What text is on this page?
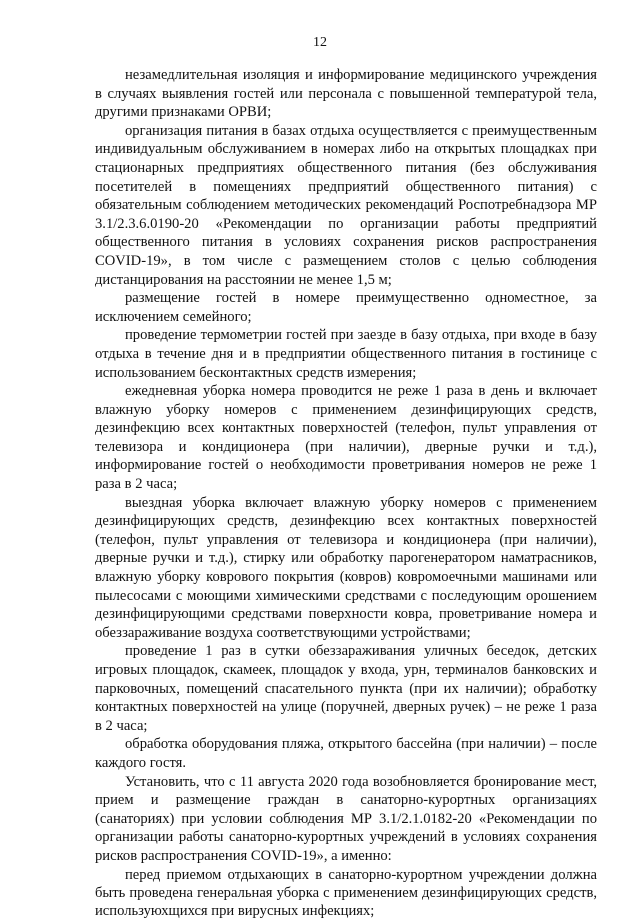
12

незамедлительная изоляция и информирование медицинского учреждения в случаях выявления гостей или персонала с повышенной температурой тела, другими признаками ОРВИ;

организация питания в базах отдыха осуществляется с преимущественным индивидуальным обслуживанием в номерах либо на открытых площадках при стационарных предприятиях общественного питания (без обслуживания посетителей в помещениях предприятий общественного питания) с обязательным соблюдением методических рекомендаций Роспотребнадзора МР 3.1/2.3.6.0190-20 «Рекомендации по организации работы предприятий общественного питания в условиях сохранения рисков распространения COVID-19», в том числе с размещением столов с целью соблюдения дистанцирования на расстоянии не менее 1,5 м;

размещение гостей в номере преимущественно одноместное, за исключением семейного;

проведение термометрии гостей при заезде в базу отдыха, при входе в базу отдыха в течение дня и в предприятии общественного питания в гостинице с использованием бесконтактных средств измерения;

ежедневная уборка номера проводится не реже 1 раза в день и включает влажную уборку номеров с применением дезинфицирующих средств, дезинфекцию всех контактных поверхностей (телефон, пульт управления от телевизора и кондиционера (при наличии), дверные ручки и т.д.), информирование гостей о необходимости проветривания номеров не реже 1 раза в 2 часа;

выездная уборка включает влажную уборку номеров с применением дезинфицирующих средств, дезинфекцию всех контактных поверхностей (телефон, пульт управления от телевизора и кондиционера (при наличии), дверные ручки и т.д.), стирку или обработку парогенератором наматрасников, влажную уборку коврового покрытия (ковров) ковромоечными машинами или пылесосами с моющими химическими средствами с последующим орошением дезинфицирующими средствами поверхности ковра, проветривание номера и обеззараживание воздуха соответствующими устройствами;

проведение 1 раз в сутки обеззараживания уличных беседок, детских игровых площадок, скамеек, площадок у входа, урн, терминалов банковских и парковочных, помещений спасательного пункта (при их наличии); обработку контактных поверхностей на улице (поручней, дверных ручек) – не реже 1 раза в 2 часа;

обработка оборудования пляжа, открытого бассейна (при наличии) – после каждого гостя.

Установить, что с 11 августа 2020 года возобновляется бронирование мест, прием и размещение граждан в санаторно-курортных организациях (санаториях) при условии соблюдения МР 3.1/2.1.0182-20 «Рекомендации по организации работы санаторно-курортных учреждений в условиях сохранения рисков распространения COVID-19», а именно:

перед приемом отдыхающих в санаторно-курортном учреждении должна быть проведена генеральная уборка с применением дезинфицирующих средств, используюхщихся при вирусных инфекциях;
